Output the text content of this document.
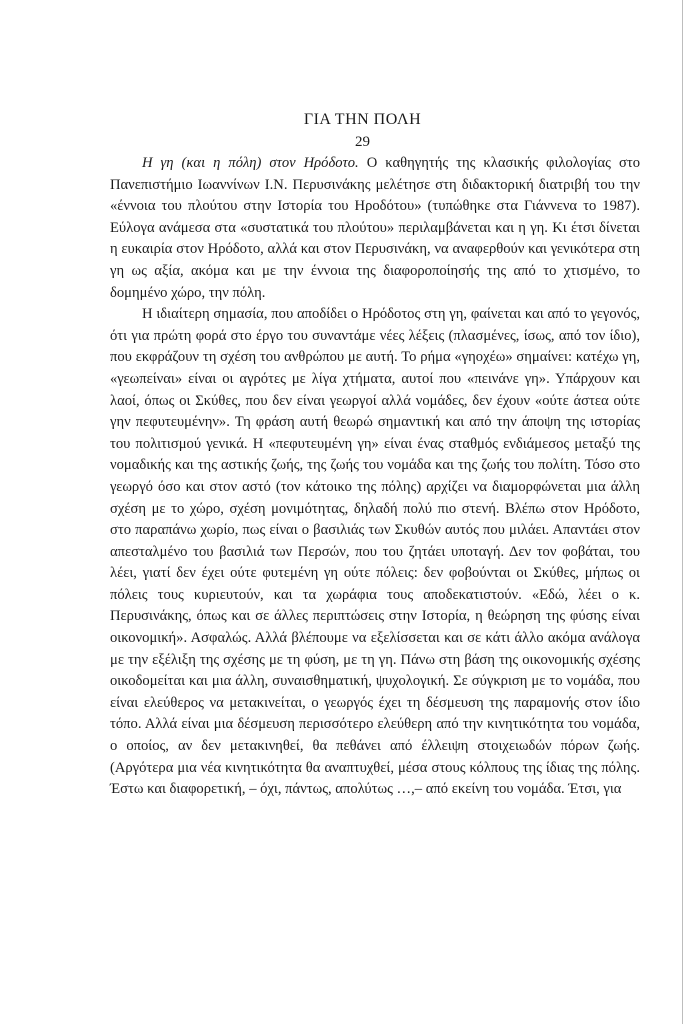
ΓΙΑ ΤΗΝ ΠΟΛΗ
29

Η γη (και η πόλη) στον Ηρόδοτο. Ο καθηγητής της κλασικής φιλολογίας στο Πανεπιστήμιο Ιωαννίνων Ι.Ν. Περυσινάκης μελέτησε στη διδακτορική διατριβή του την «έννοια του πλούτου στην Ιστορία του Ηροδότου» (τυπώθηκε στα Γιάννενα το 1987). Εύλογα ανάμεσα στα «συστατικά του πλούτου» περιλαμβάνεται και η γη. Κι έτσι δίνεται η ευκαιρία στον Ηρόδοτο, αλλά και στον Περυσινάκη, να αναφερθούν και γενικότερα στη γη ως αξία, ακόμα και με την έννοια της διαφοροποίησής της από το χτισμένο, το δομημένο χώρο, την πόλη.

Η ιδιαίτερη σημασία, που αποδίδει ο Ηρόδοτος στη γη, φαίνεται και από το γεγονός, ότι για πρώτη φορά στο έργο του συναντάμε νέες λέξεις (πλασμένες, ίσως, από τον ίδιο), που εκφράζουν τη σχέση του ανθρώπου με αυτή. Το ρήμα «γηοχέω» σημαίνει: κατέχω γη, «γεωπείναι» είναι οι αγρότες με λίγα χτήματα, αυτοί που «πεινάνε γη». Υπάρχουν και λαοί, όπως οι Σκύθες, που δεν είναι γεωργοί αλλά νομάδες, δεν έχουν «ούτε άστεα ούτε γην πεφυτευμένην». Τη φράση αυτή θεωρώ σημαντική και από την άποψη της ιστορίας του πολιτισμού γενικά. Η «πεφυτευμένη γη» είναι ένας σταθμός ενδιάμεσος μεταξύ της νομαδικής και της αστικής ζωής, της ζωής του νομάδα και της ζωής του πολίτη. Τόσο στο γεωργό όσο και στον αστό (τον κάτοικο της πόλης) αρχίζει να διαμορφώνεται μια άλλη σχέση με το χώρο, σχέση μονιμότητας, δηλαδή πολύ πιο στενή. Βλέπω στον Ηρόδοτο, στο παραπάνω χωρίο, πως είναι ο βασιλιάς των Σκυθών αυτός που μιλάει. Απαντάει στον απεσταλμένο του βασιλιά των Περσών, που του ζητάει υποταγή. Δεν τον φοβάται, του λέει, γιατί δεν έχει ούτε φυτεμένη γη ούτε πόλεις: δεν φοβούνται οι Σκύθες, μήπως οι πόλεις τους κυριευτούν, και τα χωράφια τους αποδεκατιστούν. «Εδώ, λέει ο κ. Περυσινάκης, όπως και σε άλλες περιπτώσεις στην Ιστορία, η θεώρηση της φύσης είναι οικονομική». Ασφαλώς. Αλλά βλέπουμε να εξελίσσεται και σε κάτι άλλο ακόμα ανάλογα με την εξέλιξη της σχέσης με τη φύση, με τη γη. Πάνω στη βάση της οικονομικής σχέσης οικοδομείται και μια άλλη, συναισθηματική, ψυχολογική. Σε σύγκριση με το νομάδα, που είναι ελεύθερος να μετακινείται, ο γεωργός έχει τη δέσμευση της παραμονής στον ίδιο τόπο. Αλλά είναι μια δέσμευση περισσότερο ελεύθερη από την κινητικότητα του νομάδα, ο οποίος, αν δεν μετακινηθεί, θα πεθάνει από έλλειψη στοιχειωδών πόρων ζωής. (Αργότερα μια νέα κινητικότητα θα αναπτυχθεί, μέσα στους κόλπους της ίδιας της πόλης. Έστω και διαφορετική, – όχι, πάντως, απολύτως …,– από εκείνη του νομάδα. Έτσι, για
